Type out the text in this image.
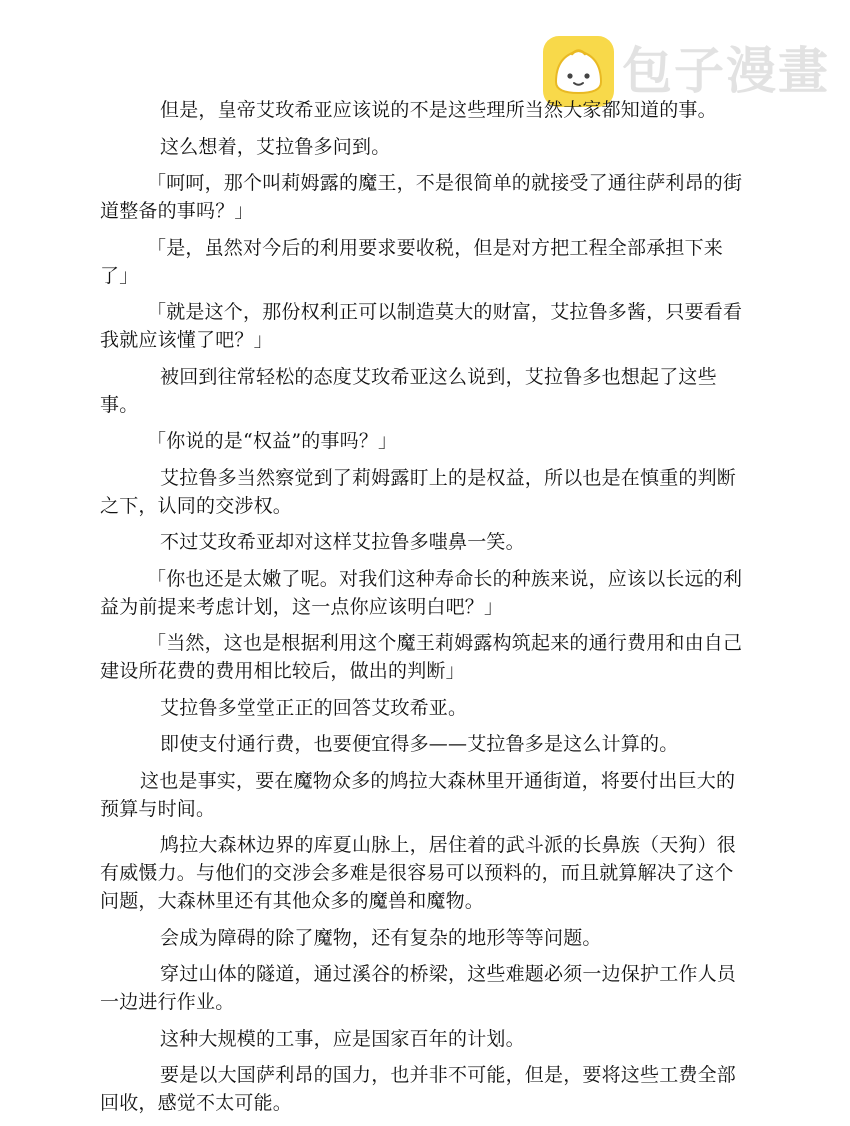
包子漫畫

但是，皇帝艾玫希亚应该说的不是这些理所当然大家都知道的事。

这么想着，艾拉鲁多问到。

「呵呵，那个叫莉姆露的魔王，不是很简单的就接受了通往萨利昂的街道整备的事吗？」

「是，虽然对今后的利用要求要收税，但是对方把工程全部承担下来了」

「就是这个，那份权利正可以制造莫大的财富，艾拉鲁多酱，只要看看我就应该懂了吧？」

被回到往常轻松的态度艾玫希亚这么说到，艾拉鲁多也想起了这些事。

「你说的是“权益”的事吗？」

艾拉鲁多当然察觉到了莉姆露盯上的是权益，所以也是在慎重的判断之下，认同的交涉权。

不过艾玫希亚却对这样艾拉鲁多嗤鼻一笑。

「你也还是太嫩了呢。对我们这种寿命长的种族来说，应该以长远的利益为前提来考虑计划，这一点你应该明白吧？」

「当然，这也是根据利用这个魔王莉姆露构筑起来的通行费用和由自己建设所花费的费用相比较后，做出的判断」

艾拉鲁多堂堂正正的回答艾玫希亚。

即使支付通行费，也要便宜得多——艾拉鲁多是这么计算的。

这也是事实，要在魔物众多的鸠拉大森林里开通街道，将要付出巨大的预算与时间。

鸠拉大森林边界的库夏山脉上，居住着的武斗派的长鼻族（天狗）很有威慑力。与他们的交涉会多难是很容易可以预料的，而且就算解决了这个问题，大森林里还有其他众多的魔兽和魔物。

会成为障碍的除了魔物，还有复杂的地形等等问题。

穿过山体的隧道，通过溪谷的桥梁，这些难题必须一边保护工作人员一边进行作业。

这种大规模的工事，应是国家百年的计划。

要是以大国萨利昂的国力，也并非不可能，但是，要将这些工费全部回收，感觉不太可能。
